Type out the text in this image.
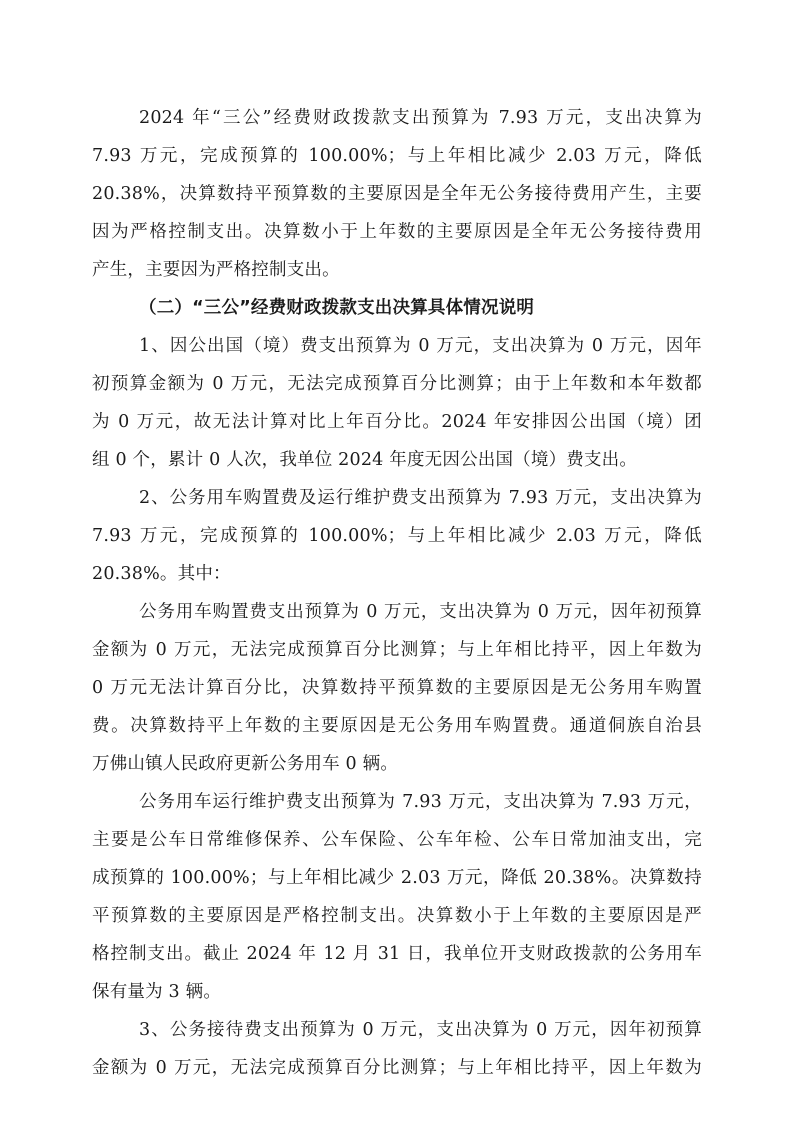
2024 年“三公”经费财政拨款支出预算为 7.93 万元，支出决算为
7.93 万元，完成预算的 100.00%；与上年相比减少 2.03 万元，降低
20.38%，决算数持平预算数的主要原因是全年无公务接待费用产生，主要
因为严格控制支出。决算数小于上年数的主要原因是全年无公务接待费用
产生，主要因为严格控制支出。
（二）“三公”经费财政拨款支出决算具体情况说明
1、因公出国（境）费支出预算为 0 万元，支出决算为 0 万元，因年
初预算金额为 0 万元，无法完成预算百分比测算；由于上年数和本年数都
为 0 万元，故无法计算对比上年百分比。2024 年安排因公出国（境）团
组 0 个，累计 0 人次，我单位 2024 年度无因公出国（境）费支出。
2、公务用车购置费及运行维护费支出预算为 7.93 万元，支出决算为
7.93 万元，完成预算的 100.00%；与上年相比减少 2.03 万元，降低
20.38%。其中：
公务用车购置费支出预算为 0 万元，支出决算为 0 万元，因年初预算
金额为 0 万元，无法完成预算百分比测算；与上年相比持平，因上年数为
0 万元无法计算百分比，决算数持平预算数的主要原因是无公务用车购置
费。决算数持平上年数的主要原因是无公务用车购置费。通道侗族自治县
万佛山镇人民政府更新公务用车 0 辆。
公务用车运行维护费支出预算为 7.93 万元，支出决算为 7.93 万元，
主要是公车日常维修保养、公车保险、公车年检、公车日常加油支出，完
成预算的 100.00%；与上年相比减少 2.03 万元，降低 20.38%。决算数持
平预算数的主要原因是严格控制支出。决算数小于上年数的主要原因是严
格控制支出。截止 2024 年 12 月 31 日，我单位开支财政拨款的公务用车
保有量为 3 辆。
3、公务接待费支出预算为 0 万元，支出决算为 0 万元，因年初预算
金额为 0 万元，无法完成预算百分比测算；与上年相比持平，因上年数为
